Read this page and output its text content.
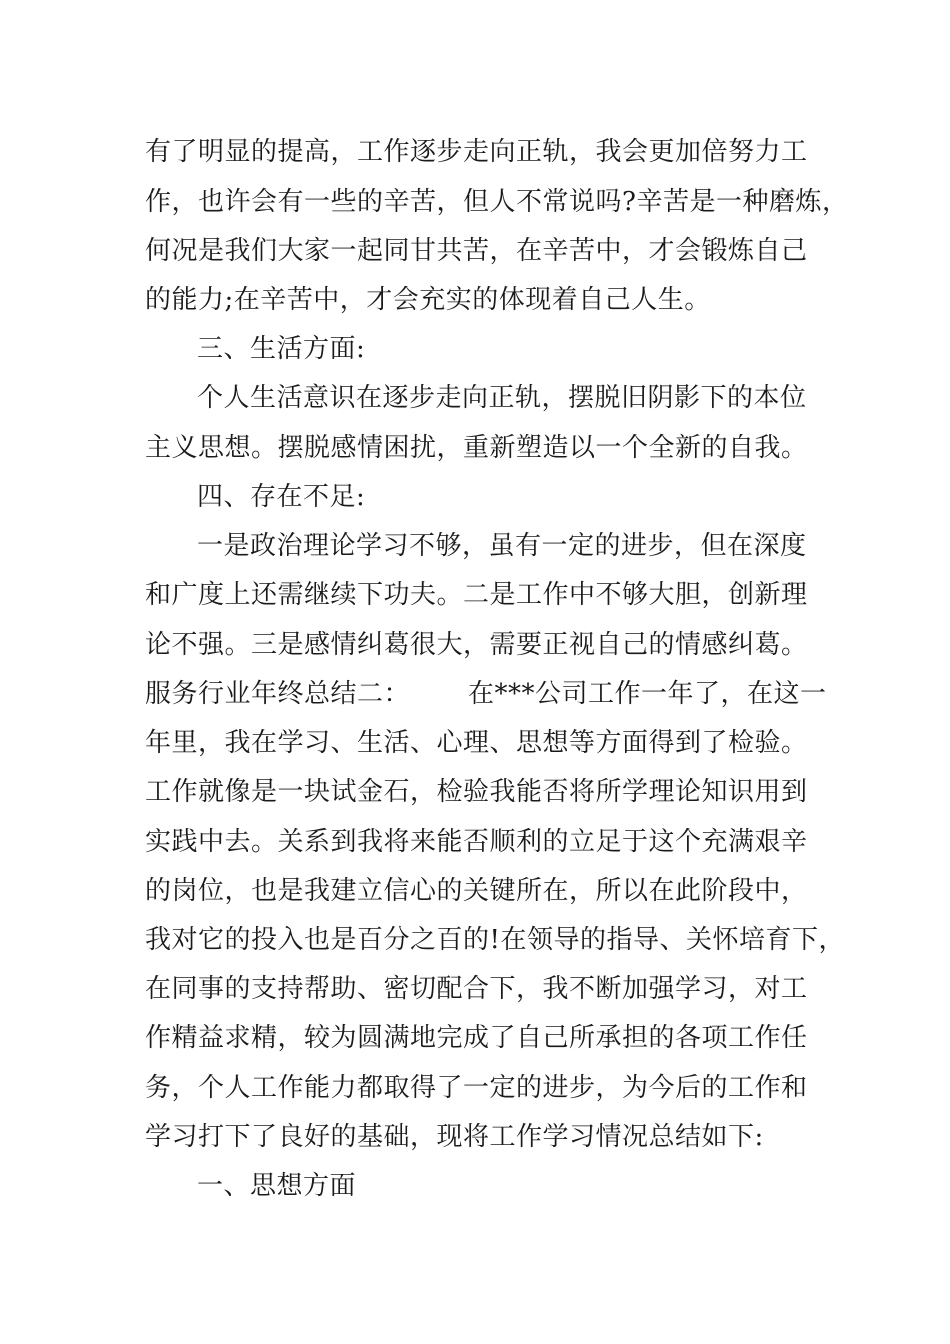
有了明显的提高，工作逐步走向正轨，我会更加倍努力工
作，也许会有一些的辛苦，但人不常说吗?辛苦是一种磨炼，
何况是我们大家一起同甘共苦，在辛苦中，才会锻炼自己
的能力;在辛苦中，才会充实的体现着自己人生。
三、生活方面:
个人生活意识在逐步走向正轨，摆脱旧阴影下的本位
主义思想。摆脱感情困扰，重新塑造以一个全新的自我。
四、存在不足:
一是政治理论学习不够，虽有一定的进步，但在深度
和广度上还需继续下功夫。二是工作中不够大胆，创新理
论不强。三是感情纠葛很大，需要正视自己的情感纠葛。
服务行业年终总结二： 在***公司工作一年了，在这一
年里，我在学习、生活、心理、思想等方面得到了检验。
工作就像是一块试金石，检验我能否将所学理论知识用到
实践中去。关系到我将来能否顺利的立足于这个充满艰辛
的岗位，也是我建立信心的关键所在，所以在此阶段中，
我对它的投入也是百分之百的!在领导的指导、关怀培育下，
在同事的支持帮助、密切配合下，我不断加强学习，对工
作精益求精，较为圆满地完成了自己所承担的各项工作任
务，个人工作能力都取得了一定的进步，为今后的工作和
学习打下了良好的基础，现将工作学习情况总结如下:
一、思想方面
